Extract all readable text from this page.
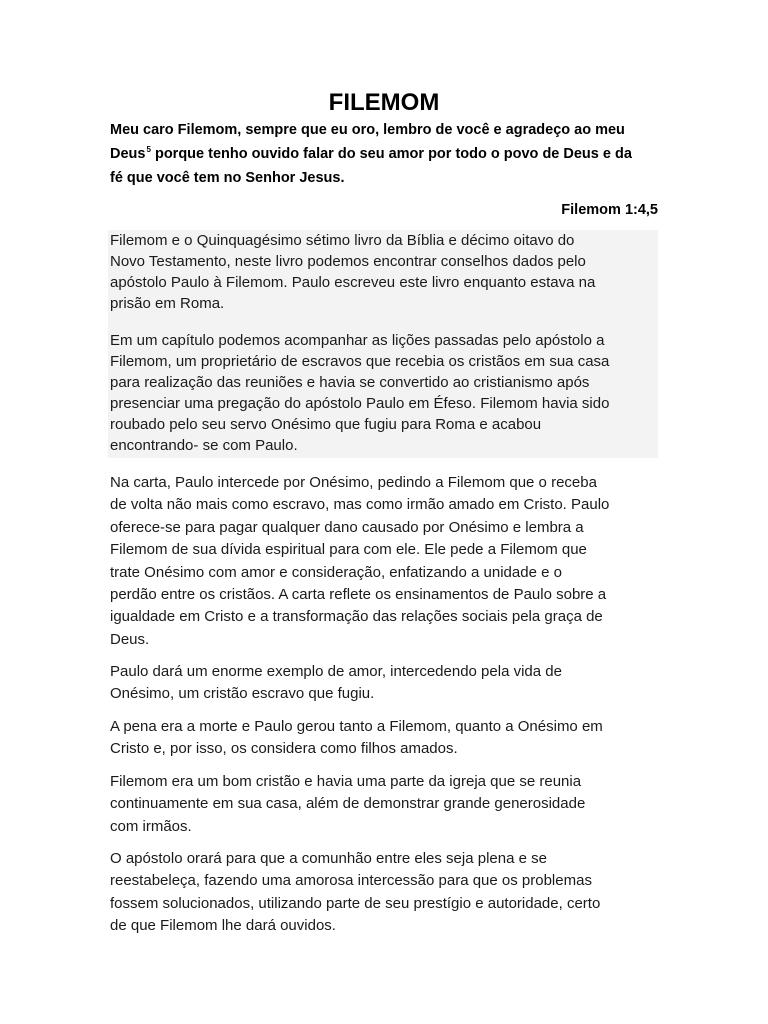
FILEMOM
Meu caro Filemom, sempre que eu oro, lembro de você e agradeço ao meu
Deus$^5$ porque tenho ouvido falar do seu amor por todo o povo de Deus e da
fé que você tem no Senhor Jesus.
Filemom 1:4,5
Filemom e o Quinquagésimo sétimo livro da Bíblia e décimo oitavo do
Novo Testamento, neste livro podemos encontrar conselhos dados pelo
apóstolo Paulo à Filemom. Paulo escreveu este livro enquanto estava na
prisão em Roma.
Em um capítulo podemos acompanhar as lições passadas pelo apóstolo a
Filemom, um proprietário de escravos que recebia os cristãos em sua casa
para realização das reuniões e havia se convertido ao cristianismo após
presenciar uma pregação do apóstolo Paulo em Éfeso. Filemom havia sido
roubado pelo seu servo Onésimo que fugiu para Roma e acabou
encontrando- se com Paulo.
Na carta, Paulo intercede por Onésimo, pedindo a Filemom que o receba
de volta não mais como escravo, mas como irmão amado em Cristo. Paulo
oferece-se para pagar qualquer dano causado por Onésimo e lembra a
Filemom de sua dívida espiritual para com ele. Ele pede a Filemom que
trate Onésimo com amor e consideração, enfatizando a unidade e o
perdão entre os cristãos. A carta reflete os ensinamentos de Paulo sobre a
igualdade em Cristo e a transformação das relações sociais pela graça de
Deus.
Paulo dará um enorme exemplo de amor, intercedendo pela vida de
Onésimo, um cristão escravo que fugiu.
A pena era a morte e Paulo gerou tanto a Filemom, quanto a Onésimo em
Cristo e, por isso, os considera como filhos amados.
Filemom era um bom cristão e havia uma parte da igreja que se reunia
continuamente em sua casa, além de demonstrar grande generosidade
com irmãos.
O apóstolo orará para que a comunhão entre eles seja plena e se
reestabeleça, fazendo uma amorosa intercessão para que os problemas
fossem solucionados, utilizando parte de seu prestígio e autoridade, certo
de que Filemom lhe dará ouvidos.
